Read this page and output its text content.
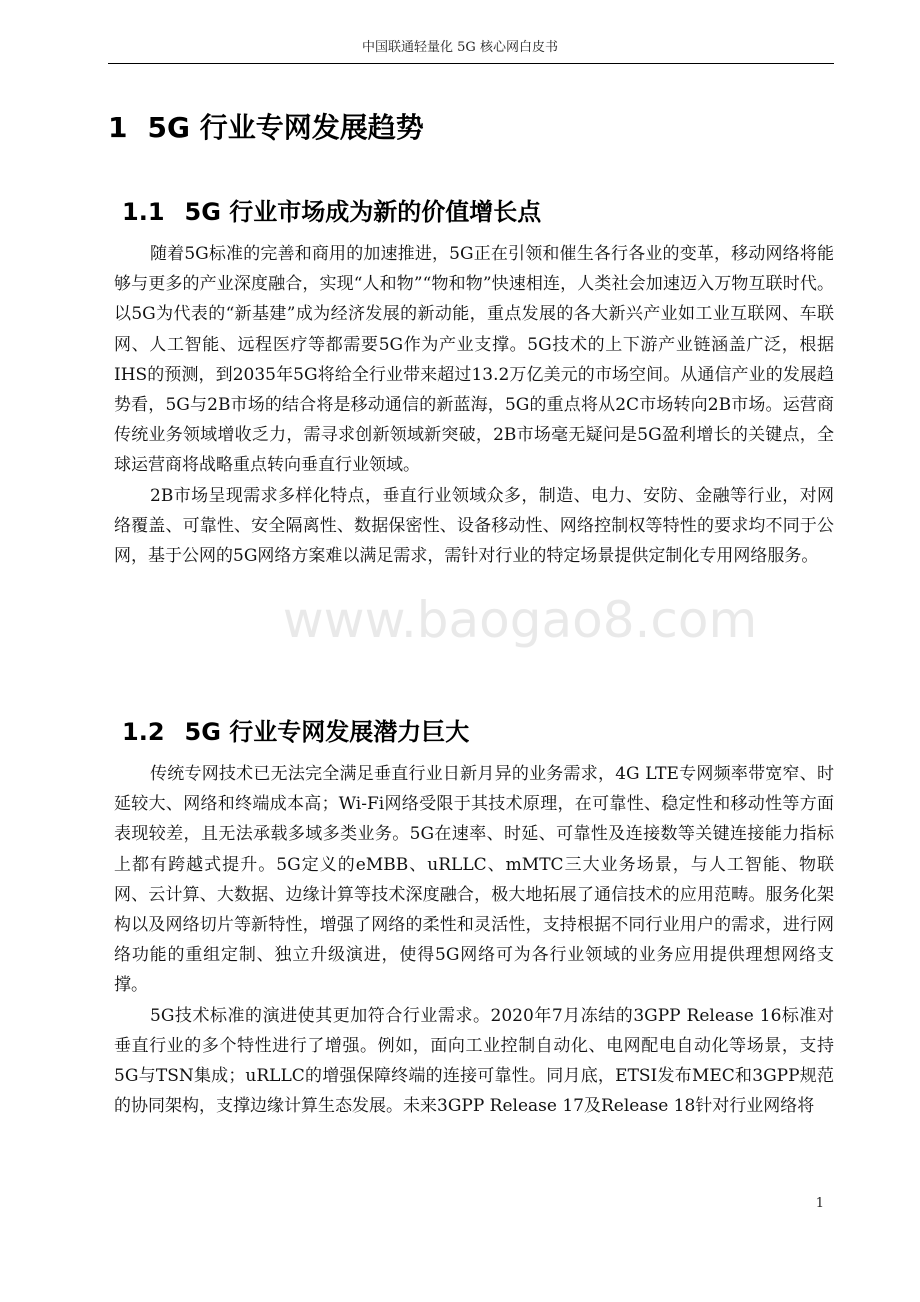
中国联通轻量化 5G 核心网白皮书
1 5G 行业专网发展趋势
1.1 5G 行业市场成为新的价值增长点

随着5G标准的完善和商用的加速推进，5G正在引领和催生各行各业的变革，移动网络将能够与更多的产业深度融合，实现“人和物”“物和物”快速相连，人类社会加速迈入万物互联时代。以5G为代表的“新基建”成为经济发展的新动能，重点发展的各大新兴产业如工业互联网、车联网、人工智能、远程医疗等都需要5G作为产业支撑。5G技术的上下游产业链涵盖广泛，根据IHS的预测，到2035年5G将给全行业带来超过13.2万亿美元的市场空间。从通信产业的发展趋势看，5G与2B市场的结合将是移动通信的新蓝海，5G的重点将从2C市场转向2B市场。运营商传统业务领域增收乏力，需寻求创新领域新突破，2B市场毫无疑问是5G盈利增长的关键点，全球运营商将战略重点转向垂直行业领域。

2B市场呈现需求多样化特点，垂直行业领域众多，制造、电力、安防、金融等行业，对网络覆盖、可靠性、安全隔离性、数据保密性、设备移动性、网络控制权等特性的要求均不同于公网，基于公网的5G网络方案难以满足需求，需针对行业的特定场景提供定制化专用网络服务。

1.2 5G 行业专网发展潜力巨大

传统专网技术已无法完全满足垂直行业日新月异的业务需求，4G LTE专网频率带宽窄、时延较大、网络和终端成本高；Wi-Fi网络受限于其技术原理，在可靠性、稳定性和移动性等方面表现较差，且无法承载多域多类业务。5G在速率、时延、可靠性及连接数等关键连接能力指标上都有跨越式提升。5G定义的eMBB、uRLLC、mMTC三大业务场景，与人工智能、物联网、云计算、大数据、边缘计算等技术深度融合，极大地拓展了通信技术的应用范畴。服务化架构以及网络切片等新特性，增强了网络的柔性和灵活性，支持根据不同行业用户的需求，进行网络功能的重组定制、独立升级演进，使得5G网络可为各行业领域的业务应用提供理想网络支撑。

5G技术标准的演进使其更加符合行业需求。2020年7月冻结的3GPP Release 16标准对垂直行业的多个特性进行了增强。例如，面向工业控制自动化、电网配电自动化等场景，支持5G与TSN集成；uRLLC的增强保障终端的连接可靠性。同月底，ETSI发布MEC和3GPP规范的协同架构，支撑边缘计算生态发展。未来3GPP Release 17及Release 18针对行业网络将

www.baogao8.com
1
